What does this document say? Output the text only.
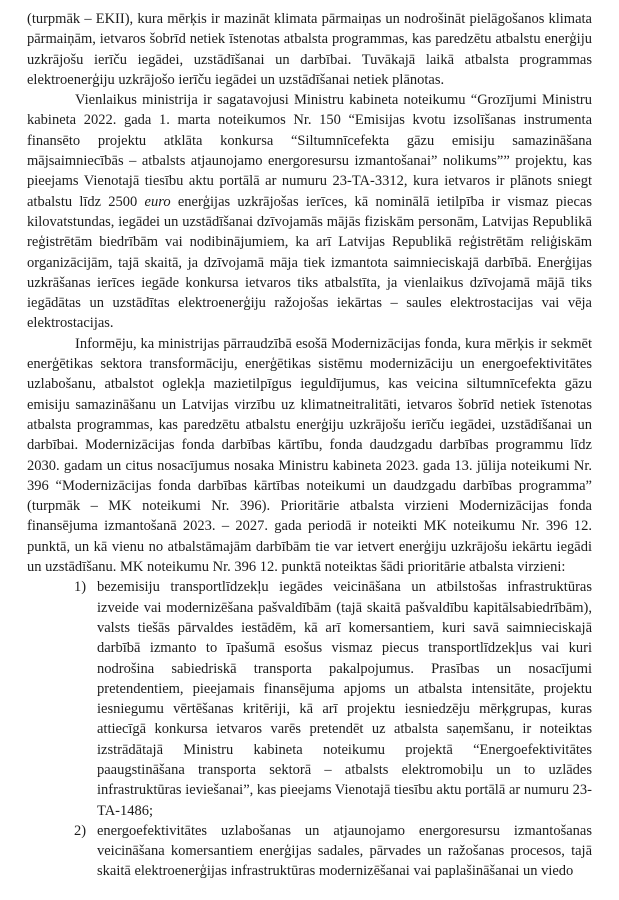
(turpmāk – EKII), kura mērķis ir mazināt klimata pārmaiņas un nodrošināt pielāgošanos klimata pārmaiņām, ietvaros šobrīd netiek īstenotas atbalsta programmas, kas paredzētu atbalstu enerģiju uzkrājošu ierīču iegādei, uzstādīšanai un darbībai. Tuvākajā laikā atbalsta programmas elektroenerģiju uzkrājošo ierīču iegādei un uzstādīšanai netiek plānotas.

Vienlaikus ministrija ir sagatavojusi Ministru kabineta noteikumu “Grozījumi Ministru kabineta 2022. gada 1. marta noteikumos Nr. 150 “Emisijas kvotu izsolīšanas instrumenta finansēto projektu atklāta konkursa “Siltumnīcefekta gāzu emisiju samazināšana mājsaimniecībās – atbalsts atjaunojamo energoresursu izmantošanai” nolikums”” projektu, kas pieejams Vienotajā tiesību aktu portālā ar numuru 23-TA-3312, kura ietvaros ir plānots sniegt atbalstu līdz 2500 euro enerģijas uzkrājošas ierīces, kā nominālā ietilpība ir vismaz piecas kilovatstundas, iegādei un uzstādīšanai dzīvojamās mājās fiziskām personām, Latvijas Republikā reģistrētām biedrībām vai nodibinājumiem, ka arī Latvijas Republikā reģistrētām reliģiskām organizācijām, tajā skaitā, ja dzīvojamā māja tiek izmantota saimnieciskajā darbībā. Enerģijas uzkrāšanas ierīces iegāde konkursa ietvaros tiks atbalstīta, ja vienlaikus dzīvojamā mājā tiks iegādātas un uzstādītas elektroenerģiju ražojošas iekārtas – saules elektrostacijas vai vēja elektrostacijas.

Informēju, ka ministrijas pārraudzībā esošā Modernizācijas fonda, kura mērķis ir sekmēt enerģētikas sektora transformāciju, enerģētikas sistēmu modernizāciju un energoefektivitātes uzlabošanu, atbalstot oglekļa mazietilpīgus ieguldījumus, kas veicina siltumnīcefekta gāzu emisiju samazināšanu un Latvijas virzību uz klimatneitralitāti, ietvaros šobrīd netiek īstenotas atbalsta programmas, kas paredzētu atbalstu enerģiju uzkrājošu ierīču iegādei, uzstādīšanai un darbībai. Modernizācijas fonda darbības kārtību, fonda daudzgadu darbības programmu līdz 2030. gadam un citus nosacījumus nosaka Ministru kabineta 2023. gada 13. jūlija noteikumi Nr. 396 “Modernizācijas fonda darbības kārtības noteikumi un daudzgadu darbības programma” (turpmāk – MK noteikumi Nr. 396). Prioritārie atbalsta virzieni Modernizācijas fonda finansējuma izmantošanā 2023. – 2027. gada periodā ir noteikti MK noteikumu Nr. 396 12. punktā, un kā vienu no atbalstāmajām darbībām tie var ietvert enerģiju uzkrājošu iekārtu iegādi un uzstādīšanu. MK noteikumu Nr. 396 12. punktā noteiktas šādi prioritārie atbalsta virzieni:

1) bezemisiju transportlīdzekļu iegādes veicināšana un atbilstošas infrastruktūras izveide vai modernizēšana pašvaldībām (tajā skaitā pašvaldību kapitālsabiedrībām), valsts tiešās pārvaldes iestādēm, kā arī komersantiem, kuri savā saimnieciskajā darbībā izmanto to īpašumā esošus vismaz piecus transportlīdzekļus vai kuri nodrošina sabiedriskā transporta pakalpojumus. Prasības un nosacījumi pretendentiem, pieejamais finansējuma apjoms un atbalsta intensitāte, projektu iesniegumu vērtēšanas kritēriji, kā arī projektu iesniedzēju mērķgrupas, kuras attiecīgā konkursa ietvaros varēs pretendēt uz atbalsta saņemšanu, ir noteiktas izstrādātajā Ministru kabineta noteikumu projektā “Energoefektivitātes paaugstināšana transporta sektorā – atbalsts elektromobiļu un to uzlādes infrastruktūras ieviešanai”, kas pieejams Vienotajā tiesību aktu portālā ar numuru 23-TA-1486;
2) energoefektivitātes uzlabošanas un atjaunojamo energoresursu izmantošanas veicināšana komersantiem enerģijas sadales, pārvades un ražošanas procesos, tajā skaitā elektroenerģijas infrastruktūras modernizēšanai vai paplašināšanai un viedo
